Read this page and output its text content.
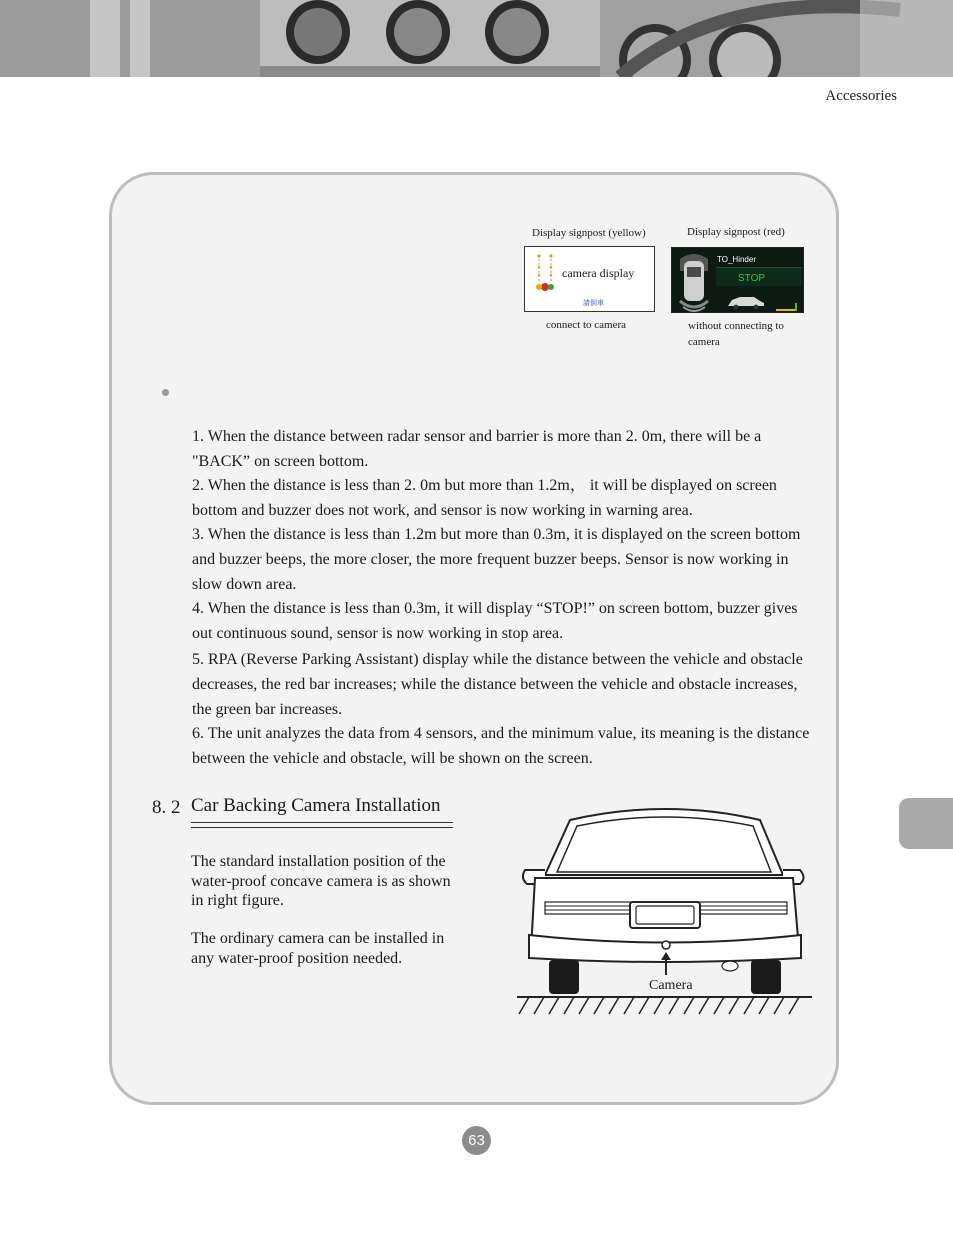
Accessories
Display signpost (yellow)	Display signpost (red)
camera display
請倒車
TO_Hinder
STOP
connect to camera	without connecting to
camera

1. When the distance between radar sensor and barrier is more than 2. 0m, there will be a "BACK” on screen bottom.

2. When the distance is less than 2. 0m but more than 1.2m， it will be displayed on screen bottom and buzzer does not work, and sensor is now working in warning area.

3. When the distance is less than 1.2m but more than 0.3m, it is displayed on the screen bottom and buzzer beeps, the more closer, the more frequent buzzer beeps. Sensor is now working in slow down area.

4. When the distance is less than 0.3m, it will display “STOP!” on screen bottom, buzzer gives out continuous sound, sensor is now working in stop area.

5. RPA (Reverse Parking Assistant) display while the distance between the vehicle and obstacle decreases, the red bar increases; while the distance between the vehicle and obstacle increases, the green bar increases.

6. The unit analyzes the data from 4 sensors, and the minimum value, its meaning is the distance between the vehicle and obstacle, will be shown on the screen.

8. 2 Car Backing Camera Installation
The standard installation position of the water-proof concave camera is as shown in right figure.
The ordinary camera can be installed in any water-proof position needed.
Camera
63
